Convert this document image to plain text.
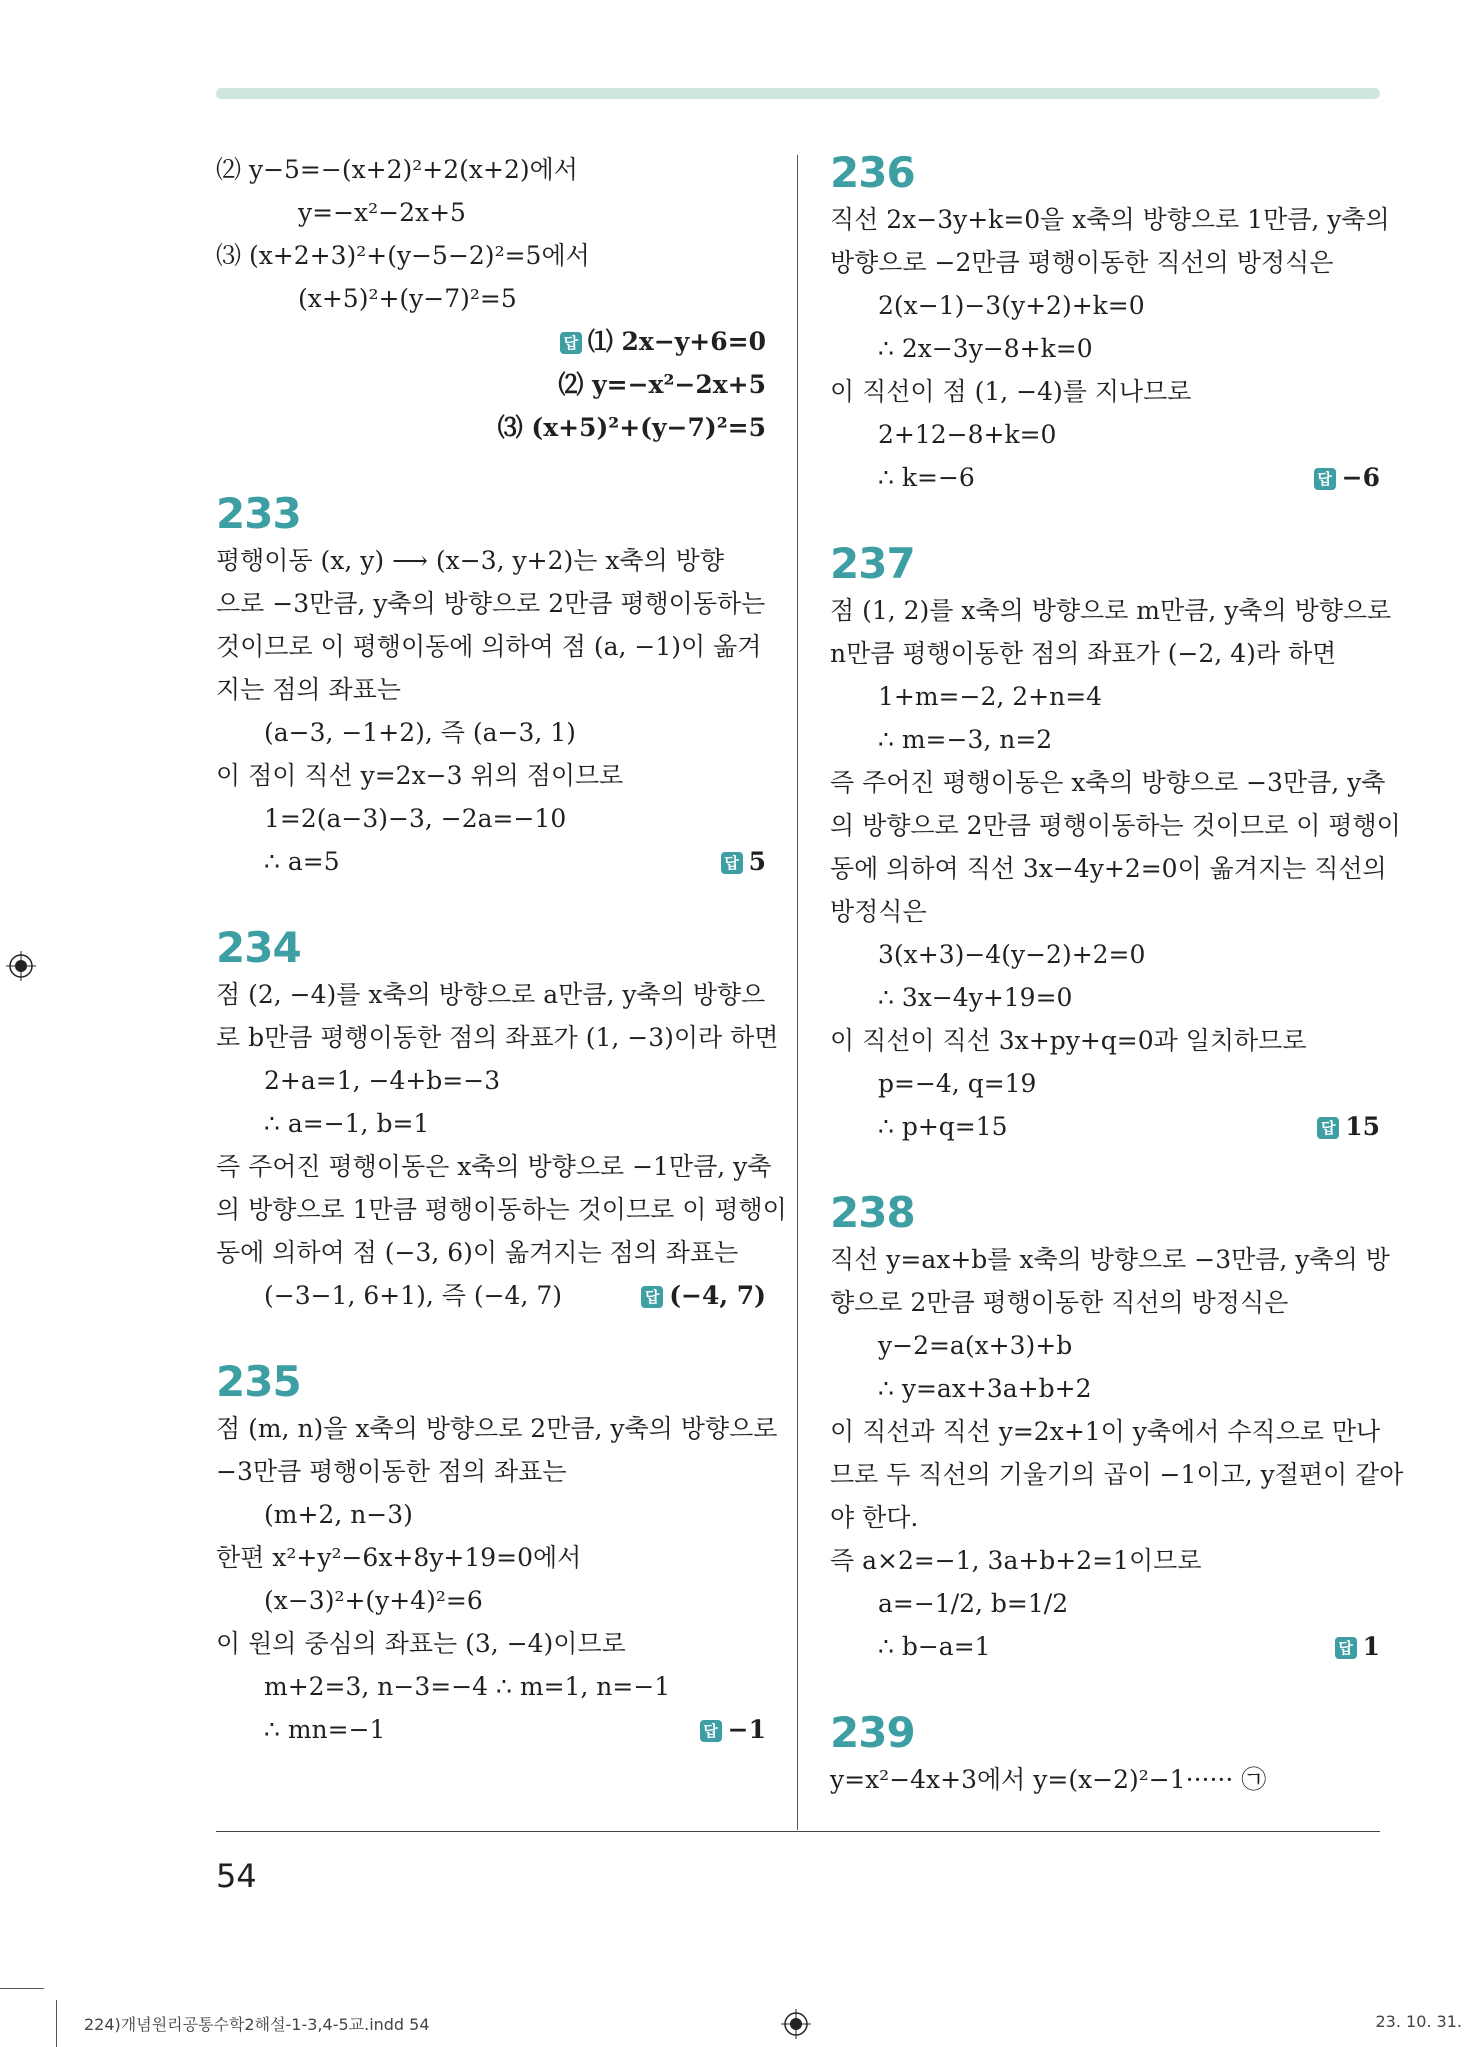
⑵ y−5=−(x+2)²+2(x+2)에서
y=−x²−2x+5
⑶ (x+2+3)²+(y−5−2)²=5에서
(x+5)²+(y−7)²=5
답 ⑴ 2x−y+6=0
⑵ y=−x²−2x+5
⑶ (x+5)²+(y−7)²=5
233
평행이동 (x, y) ⟶ (x−3, y+2)는 x축의 방향
으로 −3만큼, y축의 방향으로 2만큼 평행이동하는
것이므로 이 평행이동에 의하여 점 (a, −1)이 옮겨
지는 점의 좌표는
(a−3, −1+2), 즉 (a−3, 1)
이 점이 직선 y=2x−3 위의 점이므로
1=2(a−3)−3, −2a=−10
∴ a=5	답 5
234
점 (2, −4)를 x축의 방향으로 a만큼, y축의 방향으
로 b만큼 평행이동한 점의 좌표가 (1, −3)이라 하면
2+a=1, −4+b=−3
∴ a=−1, b=1
즉 주어진 평행이동은 x축의 방향으로 −1만큼, y축
의 방향으로 1만큼 평행이동하는 것이므로 이 평행이
동에 의하여 점 (−3, 6)이 옮겨지는 점의 좌표는
(−3−1, 6+1), 즉 (−4, 7)	답 (−4, 7)
235
점 (m, n)을 x축의 방향으로 2만큼, y축의 방향으로
−3만큼 평행이동한 점의 좌표는
(m+2, n−3)
한편 x²+y²−6x+8y+19=0에서
(x−3)²+(y+4)²=6
이 원의 중심의 좌표는 (3, −4)이므로
m+2=3, n−3=−4 ∴ m=1, n=−1
∴ mn=−1	답 −1
236
직선 2x−3y+k=0을 x축의 방향으로 1만큼, y축의
방향으로 −2만큼 평행이동한 직선의 방정식은
2(x−1)−3(y+2)+k=0
∴ 2x−3y−8+k=0
이 직선이 점 (1, −4)를 지나므로
2+12−8+k=0
∴ k=−6	답 −6
237
점 (1, 2)를 x축의 방향으로 m만큼, y축의 방향으로
n만큼 평행이동한 점의 좌표가 (−2, 4)라 하면
1+m=−2, 2+n=4
∴ m=−3, n=2
즉 주어진 평행이동은 x축의 방향으로 −3만큼, y축
의 방향으로 2만큼 평행이동하는 것이므로 이 평행이
동에 의하여 직선 3x−4y+2=0이 옮겨지는 직선의
방정식은
3(x+3)−4(y−2)+2=0
∴ 3x−4y+19=0
이 직선이 직선 3x+py+q=0과 일치하므로
p=−4, q=19
∴ p+q=15	답 15
238
직선 y=ax+b를 x축의 방향으로 −3만큼, y축의 방
향으로 2만큼 평행이동한 직선의 방정식은
y−2=a(x+3)+b
∴ y=ax+3a+b+2
이 직선과 직선 y=2x+1이 y축에서 수직으로 만나
므로 두 직선의 기울기의 곱이 −1이고, y절편이 같아
야 한다.
즉 a×2=−1, 3a+b+2=1이므로
a=−1/2, b=1/2
∴ b−a=1	답 1
239
y=x²−4x+3에서 y=(x−2)²−1······ ㉠
54
224)개념원리공통수학2해설-1-3,4-5교.indd 54	23. 10. 31.
